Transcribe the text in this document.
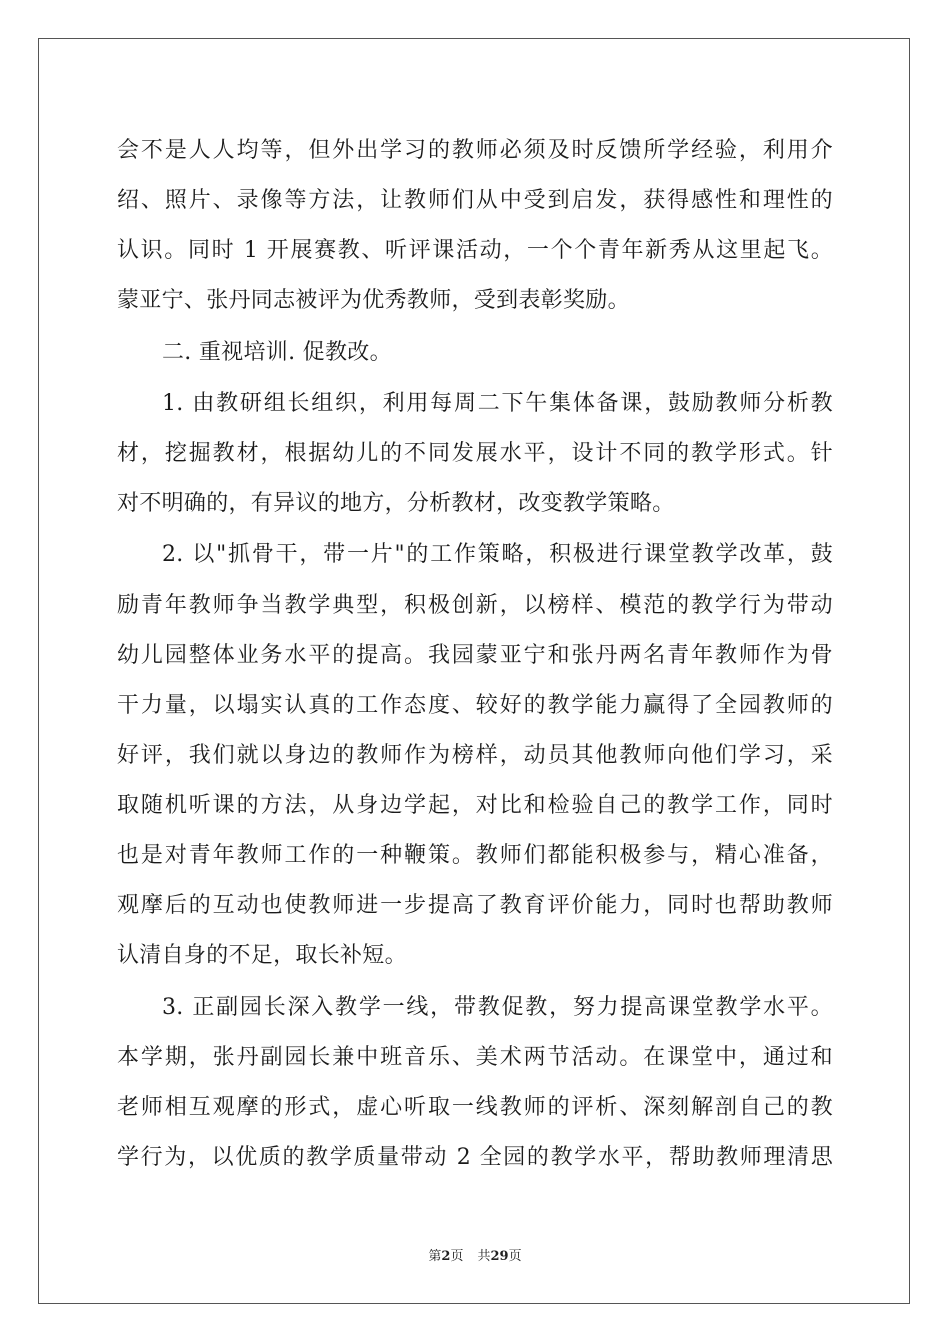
会不是人人均等，但外出学习的教师必须及时反馈所学经验，利用介
绍、照片、录像等方法，让教师们从中受到启发，获得感性和理性的
认识。同时 1 开展赛教、听评课活动，一个个青年新秀从这里起飞。
蒙亚宁、张丹同志被评为优秀教师，受到表彰奖励。
二. 重视培训. 促教改。
1. 由教研组长组织，利用每周二下午集体备课，鼓励教师分析教
材，挖掘教材，根据幼儿的不同发展水平，设计不同的教学形式。针
对不明确的，有异议的地方，分析教材，改变教学策略。
2. 以"抓骨干，带一片"的工作策略，积极进行课堂教学改革，鼓
励青年教师争当教学典型，积极创新，以榜样、模范的教学行为带动
幼儿园整体业务水平的提高。我园蒙亚宁和张丹两名青年教师作为骨
干力量，以塌实认真的工作态度、较好的教学能力赢得了全园教师的
好评，我们就以身边的教师作为榜样，动员其他教师向他们学习，采
取随机听课的方法，从身边学起，对比和检验自己的教学工作，同时
也是对青年教师工作的一种鞭策。教师们都能积极参与，精心准备，
观摩后的互动也使教师进一步提高了教育评价能力，同时也帮助教师
认清自身的不足，取长补短。
3. 正副园长深入教学一线，带教促教，努力提高课堂教学水平。
本学期，张丹副园长兼中班音乐、美术两节活动。在课堂中，通过和
老师相互观摩的形式，虚心听取一线教师的评析、深刻解剖自己的教
学行为，以优质的教学质量带动 2 全园的教学水平，帮助教师理清思
第2页 共29页
